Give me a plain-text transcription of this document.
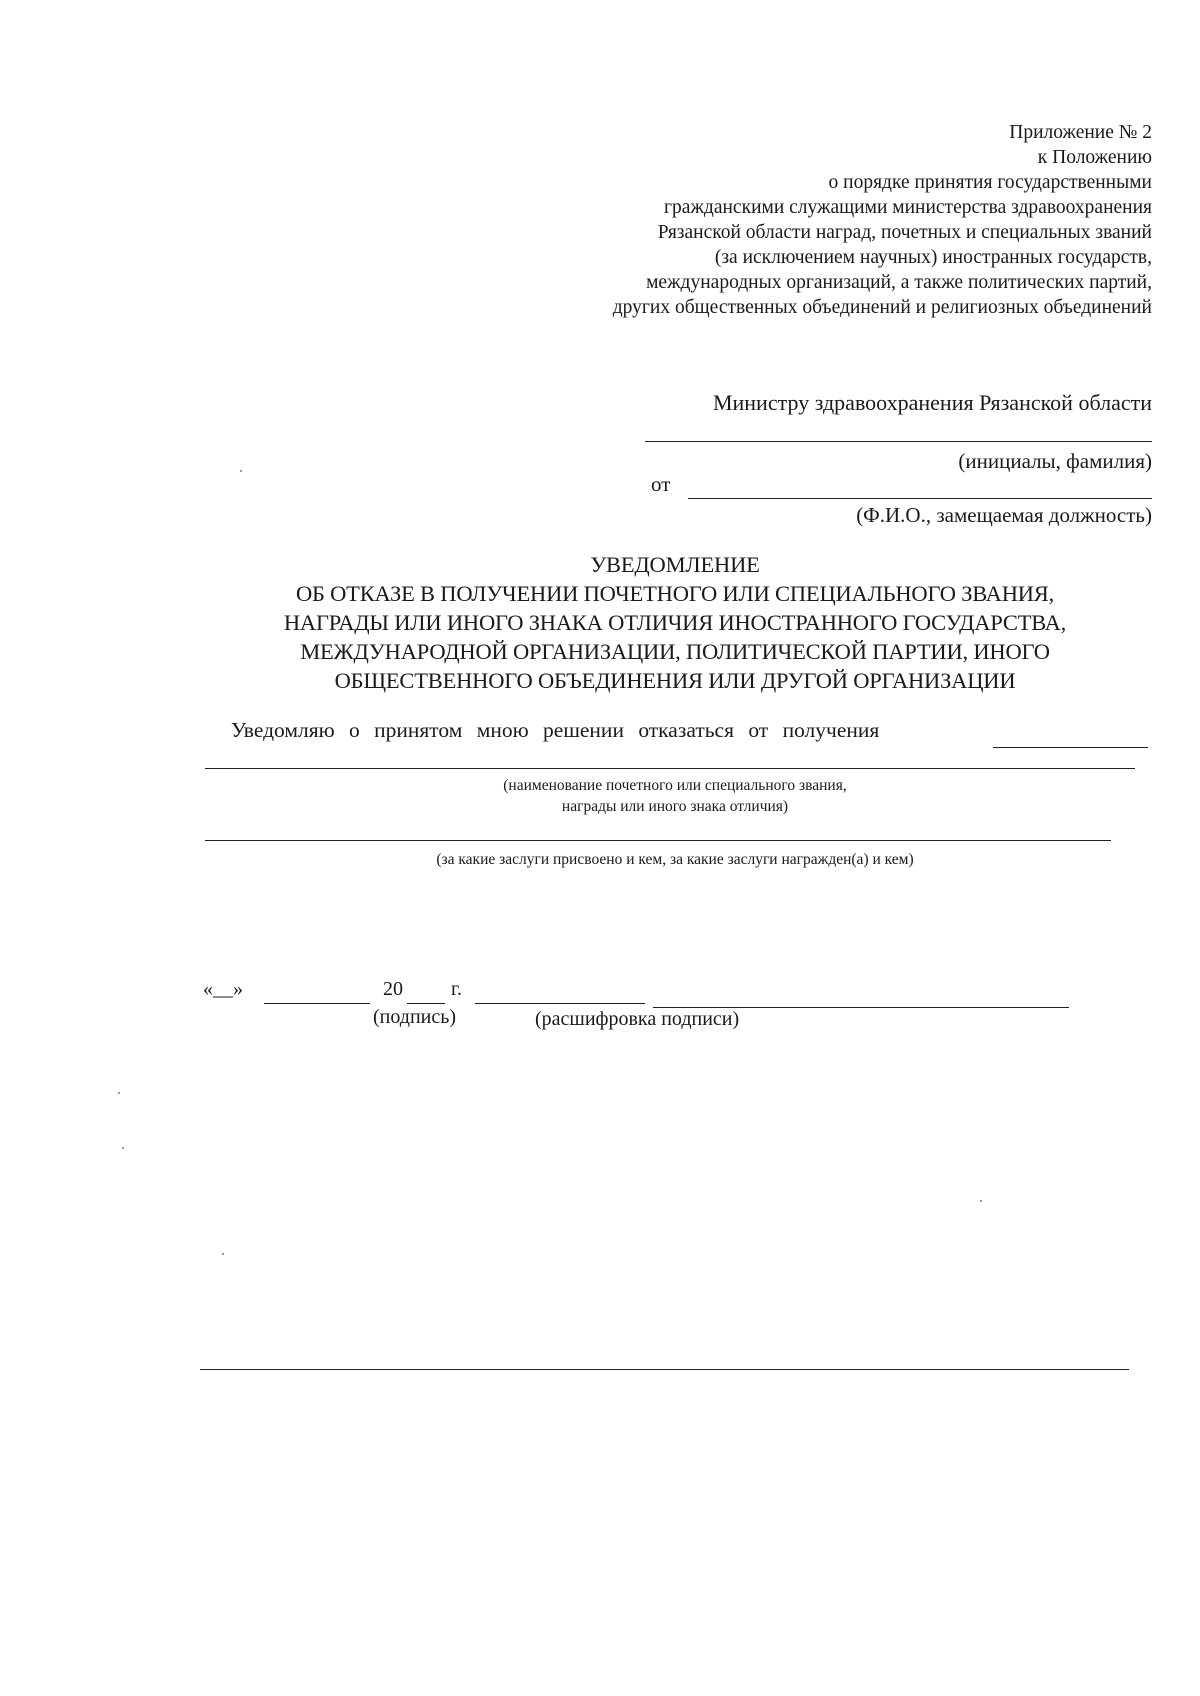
Приложение № 2
к Положению
о порядке принятия государственными
гражданскими служащими министерства здравоохранения
Рязанской области наград, почетных и специальных званий
(за исключением научных) иностранных государств,
международных организаций, а также политических партий,
других общественных объединений и религиозных объединений
Министру здравоохранения Рязанской области
(инициалы, фамилия)
от
(Ф.И.О., замещаемая должность)
УВЕДОМЛЕНИЕ
ОБ ОТКАЗЕ В ПОЛУЧЕНИИ ПОЧЕТНОГО ИЛИ СПЕЦИАЛЬНОГО ЗВАНИЯ,
НАГРАДЫ ИЛИ ИНОГО ЗНАКА ОТЛИЧИЯ ИНОСТРАННОГО ГОСУДАРСТВА,
МЕЖДУНАРОДНОЙ ОРГАНИЗАЦИИ, ПОЛИТИЧЕСКОЙ ПАРТИИ, ИНОГО
ОБЩЕСТВЕННОГО ОБЪЕДИНЕНИЯ ИЛИ ДРУГОЙ ОРГАНИЗАЦИИ
Уведомляю о принятом мною решении отказаться от получения
(наименование почетного или специального звания,
награды или иного знака отличия)
(за какие заслуги присвоено и кем, за какие заслуги награжден(а) и кем)
«__»	20 г.
(подпись)	(расшифровка подписи)
